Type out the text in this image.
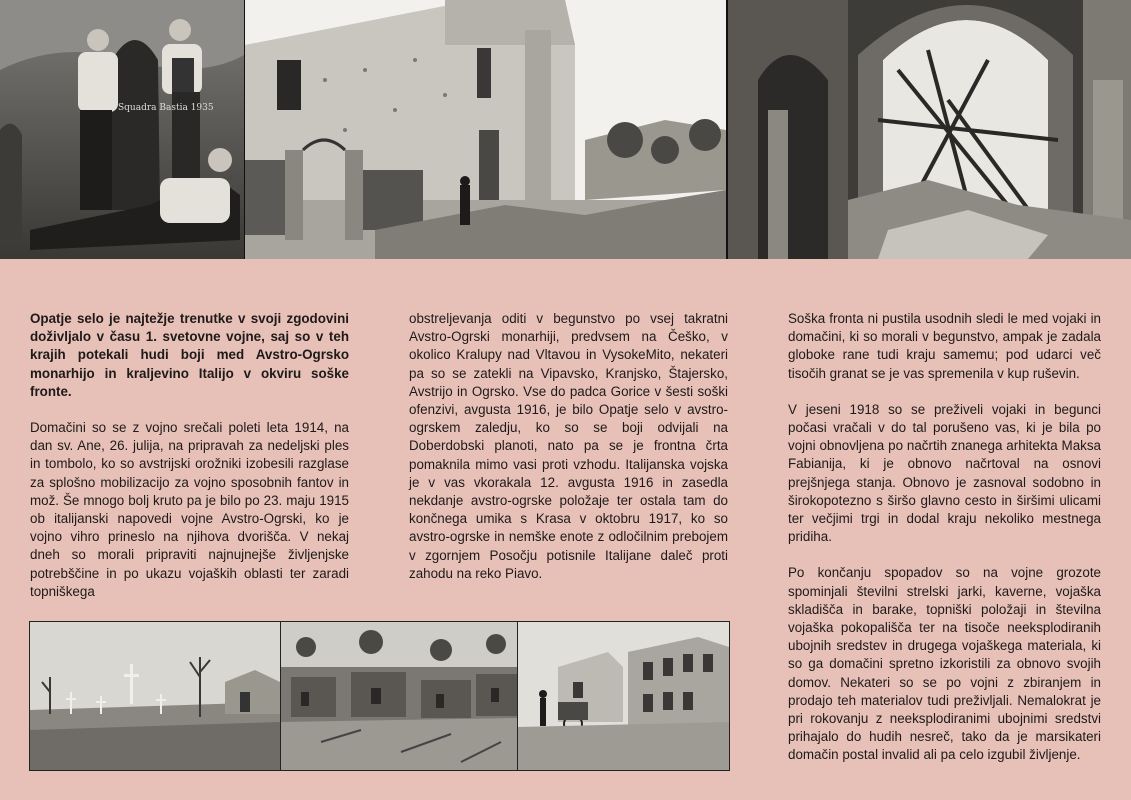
Squadra Bastia 1935

Opatje selo je najtežje trenutke v svoji zgodovini doživljalo v času 1. svetovne vojne, saj so v teh krajih potekali hudi boji med Avstro-Ogrsko monarhijo in kraljevino Italijo v okviru soške fronte.

Domačini so se z vojno srečali poleti leta 1914, na dan sv. Ane, 26. julija, na pripravah za nedeljski ples in tombolo, ko so avstrijski orožniki izobesili razglase za splošno mobilizacijo za vojno sposobnih fantov in mož. Še mnogo bolj kruto pa je bilo po 23. maju 1915 ob italijanski napovedi vojne Avstro-Ogrski, ko je vojno vihro prineslo na njihova dvorišča. V nekaj dneh so morali pripraviti najnujnejše življenjske potrebščine in po ukazu vojaških oblasti ter zaradi topniškega

obstreljevanja oditi v begunstvo po vsej takratni Avstro-Ogrski monarhiji, predvsem na Češko, v okolico Kralupy nad Vltavou in VysokeMito, nekateri pa so se zatekli na Vipavsko, Kranjsko, Štajersko, Avstrijo in Ogrsko. Vse do padca Gorice v šesti soški ofenzivi, avgusta 1916, je bilo Opatje selo v avstro-ogrskem zaledju, ko so se boji odvijali na Doberdobski planoti, nato pa se je frontna črta pomaknila mimo vasi proti vzhodu. Italijanska vojska je v vas vkorakala 12. avgusta 1916 in zasedla nekdanje avstro-ogrske položaje ter ostala tam do končnega umika s Krasa v oktobru 1917, ko so avstro-ogrske in nemške enote z odločilnim prebojem v zgornjem Posočju potisnile Italijane daleč proti zahodu na reko Piavo.

Soška fronta ni pustila usodnih sledi le med vojaki in domačini, ki so morali v begunstvo, ampak je zadala globoke rane tudi kraju samemu; pod udarci več tisočih granat se je vas spremenila v kup ruševin.

V jeseni 1918 so se preživeli vojaki in begunci počasi vračali v do tal porušeno vas, ki je bila po vojni obnovljena po načrtih znanega arhitekta Maksa Fabianija, ki je obnovo načrtoval na osnovi prejšnjega stanja. Obnovo je zasnoval sodobno in širokopotezno s širšo glavno cesto in širšimi ulicami ter večjimi trgi in dodal kraju nekoliko mestnega pridiha.

Po končanju spopadov so na vojne grozote spominjali številni strelski jarki, kaverne, vojaška skladišča in barake, topniški položaji in številna vojaška pokopališča ter na tisoče neeksplodiranih ubojnih sredstev in drugega vojaškega materiala, ki so ga domačini spretno izkoristili za obnovo svojih domov. Nekateri so se po vojni z zbiranjem in prodajo teh materialov tudi preživljali. Nemalokrat je pri rokovanju z neeksplodiranimi ubojnimi sredstvi prihajalo do hudih nesreč, tako da je marsikateri domačin postal invalid ali pa celo izgubil življenje.
